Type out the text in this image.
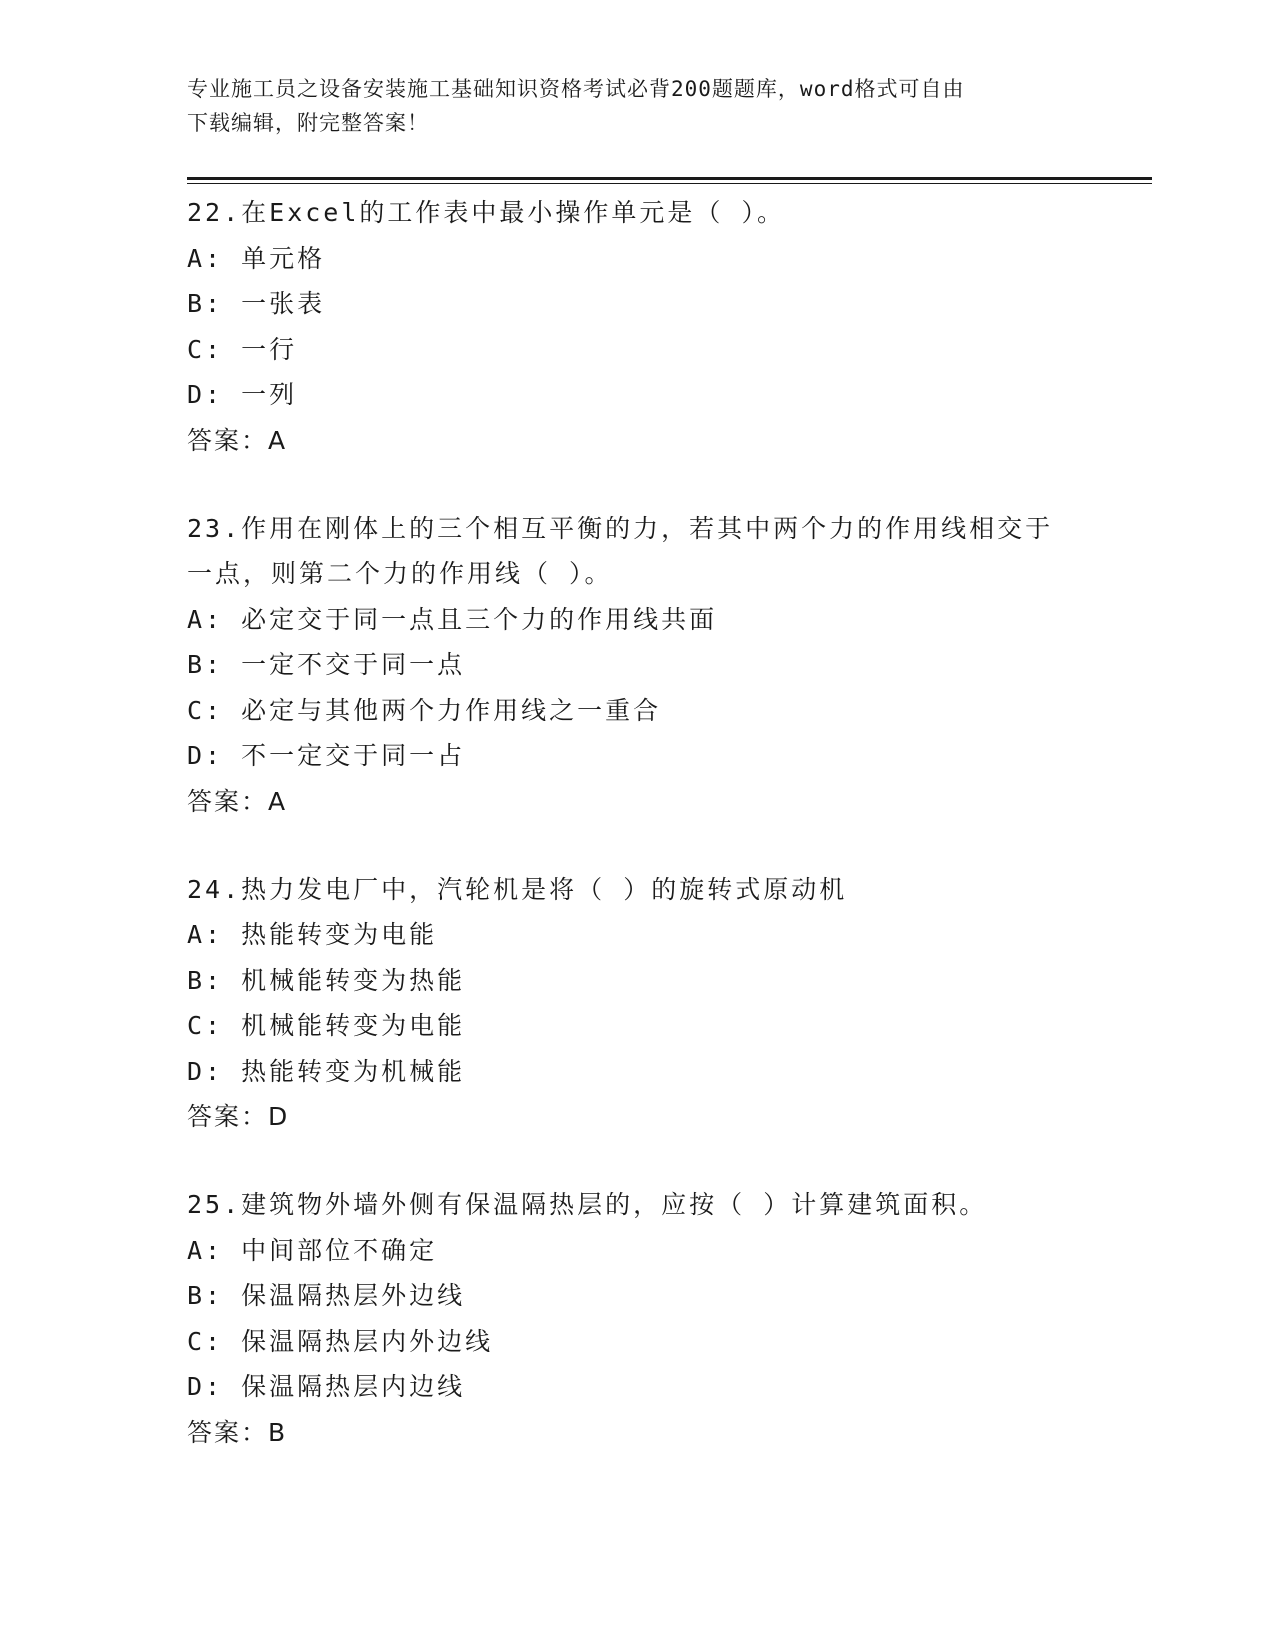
专业施工员之设备安装施工基础知识资格考试必背200题题库，word格式可自由
下载编辑，附完整答案！
22.在Excel的工作表中最小操作单元是（ ）。
A: 单元格
B: 一张表
C: 一行
D: 一列
答案：A
23.作用在刚体上的三个相互平衡的力，若其中两个力的作用线相交于
一点，则第二个力的作用线（ ）。
A: 必定交于同一点且三个力的作用线共面
B: 一定不交于同一点
C: 必定与其他两个力作用线之一重合
D: 不一定交于同一占
答案：A
24.热力发电厂中，汽轮机是将（ ）的旋转式原动机
A: 热能转变为电能
B: 机械能转变为热能
C: 机械能转变为电能
D: 热能转变为机械能
答案：D
25.建筑物外墙外侧有保温隔热层的，应按（ ）计算建筑面积。
A: 中间部位不确定
B: 保温隔热层外边线
C: 保温隔热层内外边线
D: 保温隔热层内边线
答案：B
